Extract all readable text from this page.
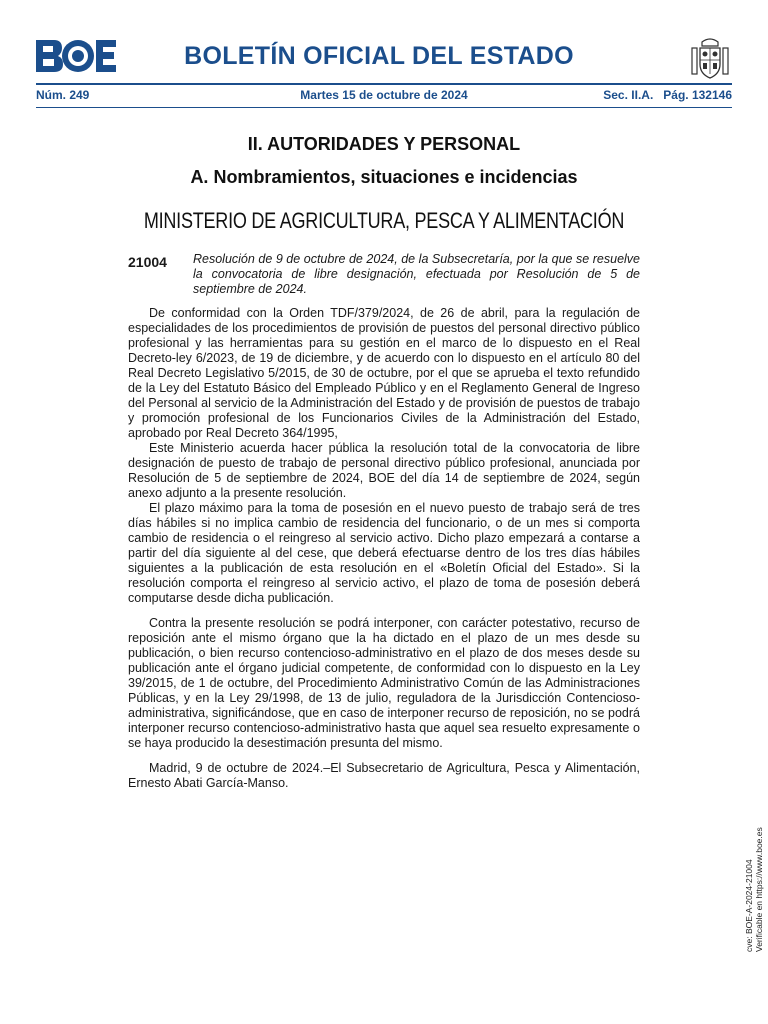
BOLETÍN OFICIAL DEL ESTADO
Núm. 249	Martes 15 de octubre de 2024	Sec. II.A.   Pág. 132146
II. AUTORIDADES Y PERSONAL
A. Nombramientos, situaciones e incidencias
MINISTERIO DE AGRICULTURA, PESCA Y ALIMENTACIÓN
21004 Resolución de 9 de octubre de 2024, de la Subsecretaría, por la que se resuelve la convocatoria de libre designación, efectuada por Resolución de 5 de septiembre de 2024.

De conformidad con la Orden TDF/379/2024, de 26 de abril, para la regulación de especialidades de los procedimientos de provisión de puestos del personal directivo público profesional y las herramientas para su gestión en el marco de lo dispuesto en el Real Decreto-ley 6/2023, de 19 de diciembre, y de acuerdo con lo dispuesto en el artículo 80 del Real Decreto Legislativo 5/2015, de 30 de octubre, por el que se aprueba el texto refundido de la Ley del Estatuto Básico del Empleado Público y en el Reglamento General de Ingreso del Personal al servicio de la Administración del Estado y de provisión de puestos de trabajo y promoción profesional de los Funcionarios Civiles de la Administración del Estado, aprobado por Real Decreto 364/1995,

Este Ministerio acuerda hacer pública la resolución total de la convocatoria de libre designación de puesto de trabajo de personal directivo público profesional, anunciada por Resolución de 5 de septiembre de 2024, BOE del día 14 de septiembre de 2024, según anexo adjunto a la presente resolución.

El plazo máximo para la toma de posesión en el nuevo puesto de trabajo será de tres días hábiles si no implica cambio de residencia del funcionario, o de un mes si comporta cambio de residencia o el reingreso al servicio activo. Dicho plazo empezará a contarse a partir del día siguiente al del cese, que deberá efectuarse dentro de los tres días hábiles siguientes a la publicación de esta resolución en el «Boletín Oficial del Estado». Si la resolución comporta el reingreso al servicio activo, el plazo de toma de posesión deberá computarse desde dicha publicación.

Contra la presente resolución se podrá interponer, con carácter potestativo, recurso de reposición ante el mismo órgano que la ha dictado en el plazo de un mes desde su publicación, o bien recurso contencioso-administrativo en el plazo de dos meses desde su publicación ante el órgano judicial competente, de conformidad con lo dispuesto en la Ley 39/2015, de 1 de octubre, del Procedimiento Administrativo Común de las Administraciones Públicas, y en la Ley 29/1998, de 13 de julio, reguladora de la Jurisdicción Contencioso-administrativa, significándose, que en caso de interponer recurso de reposición, no se podrá interponer recurso contencioso-administrativo hasta que aquel sea resuelto expresamente o se haya producido la desestimación presunta del mismo.

Madrid, 9 de octubre de 2024.–El Subsecretario de Agricultura, Pesca y Alimentación, Ernesto Abati García-Manso.

cve: BOE-A-2024-21004 Verificable en https://www.boe.es
